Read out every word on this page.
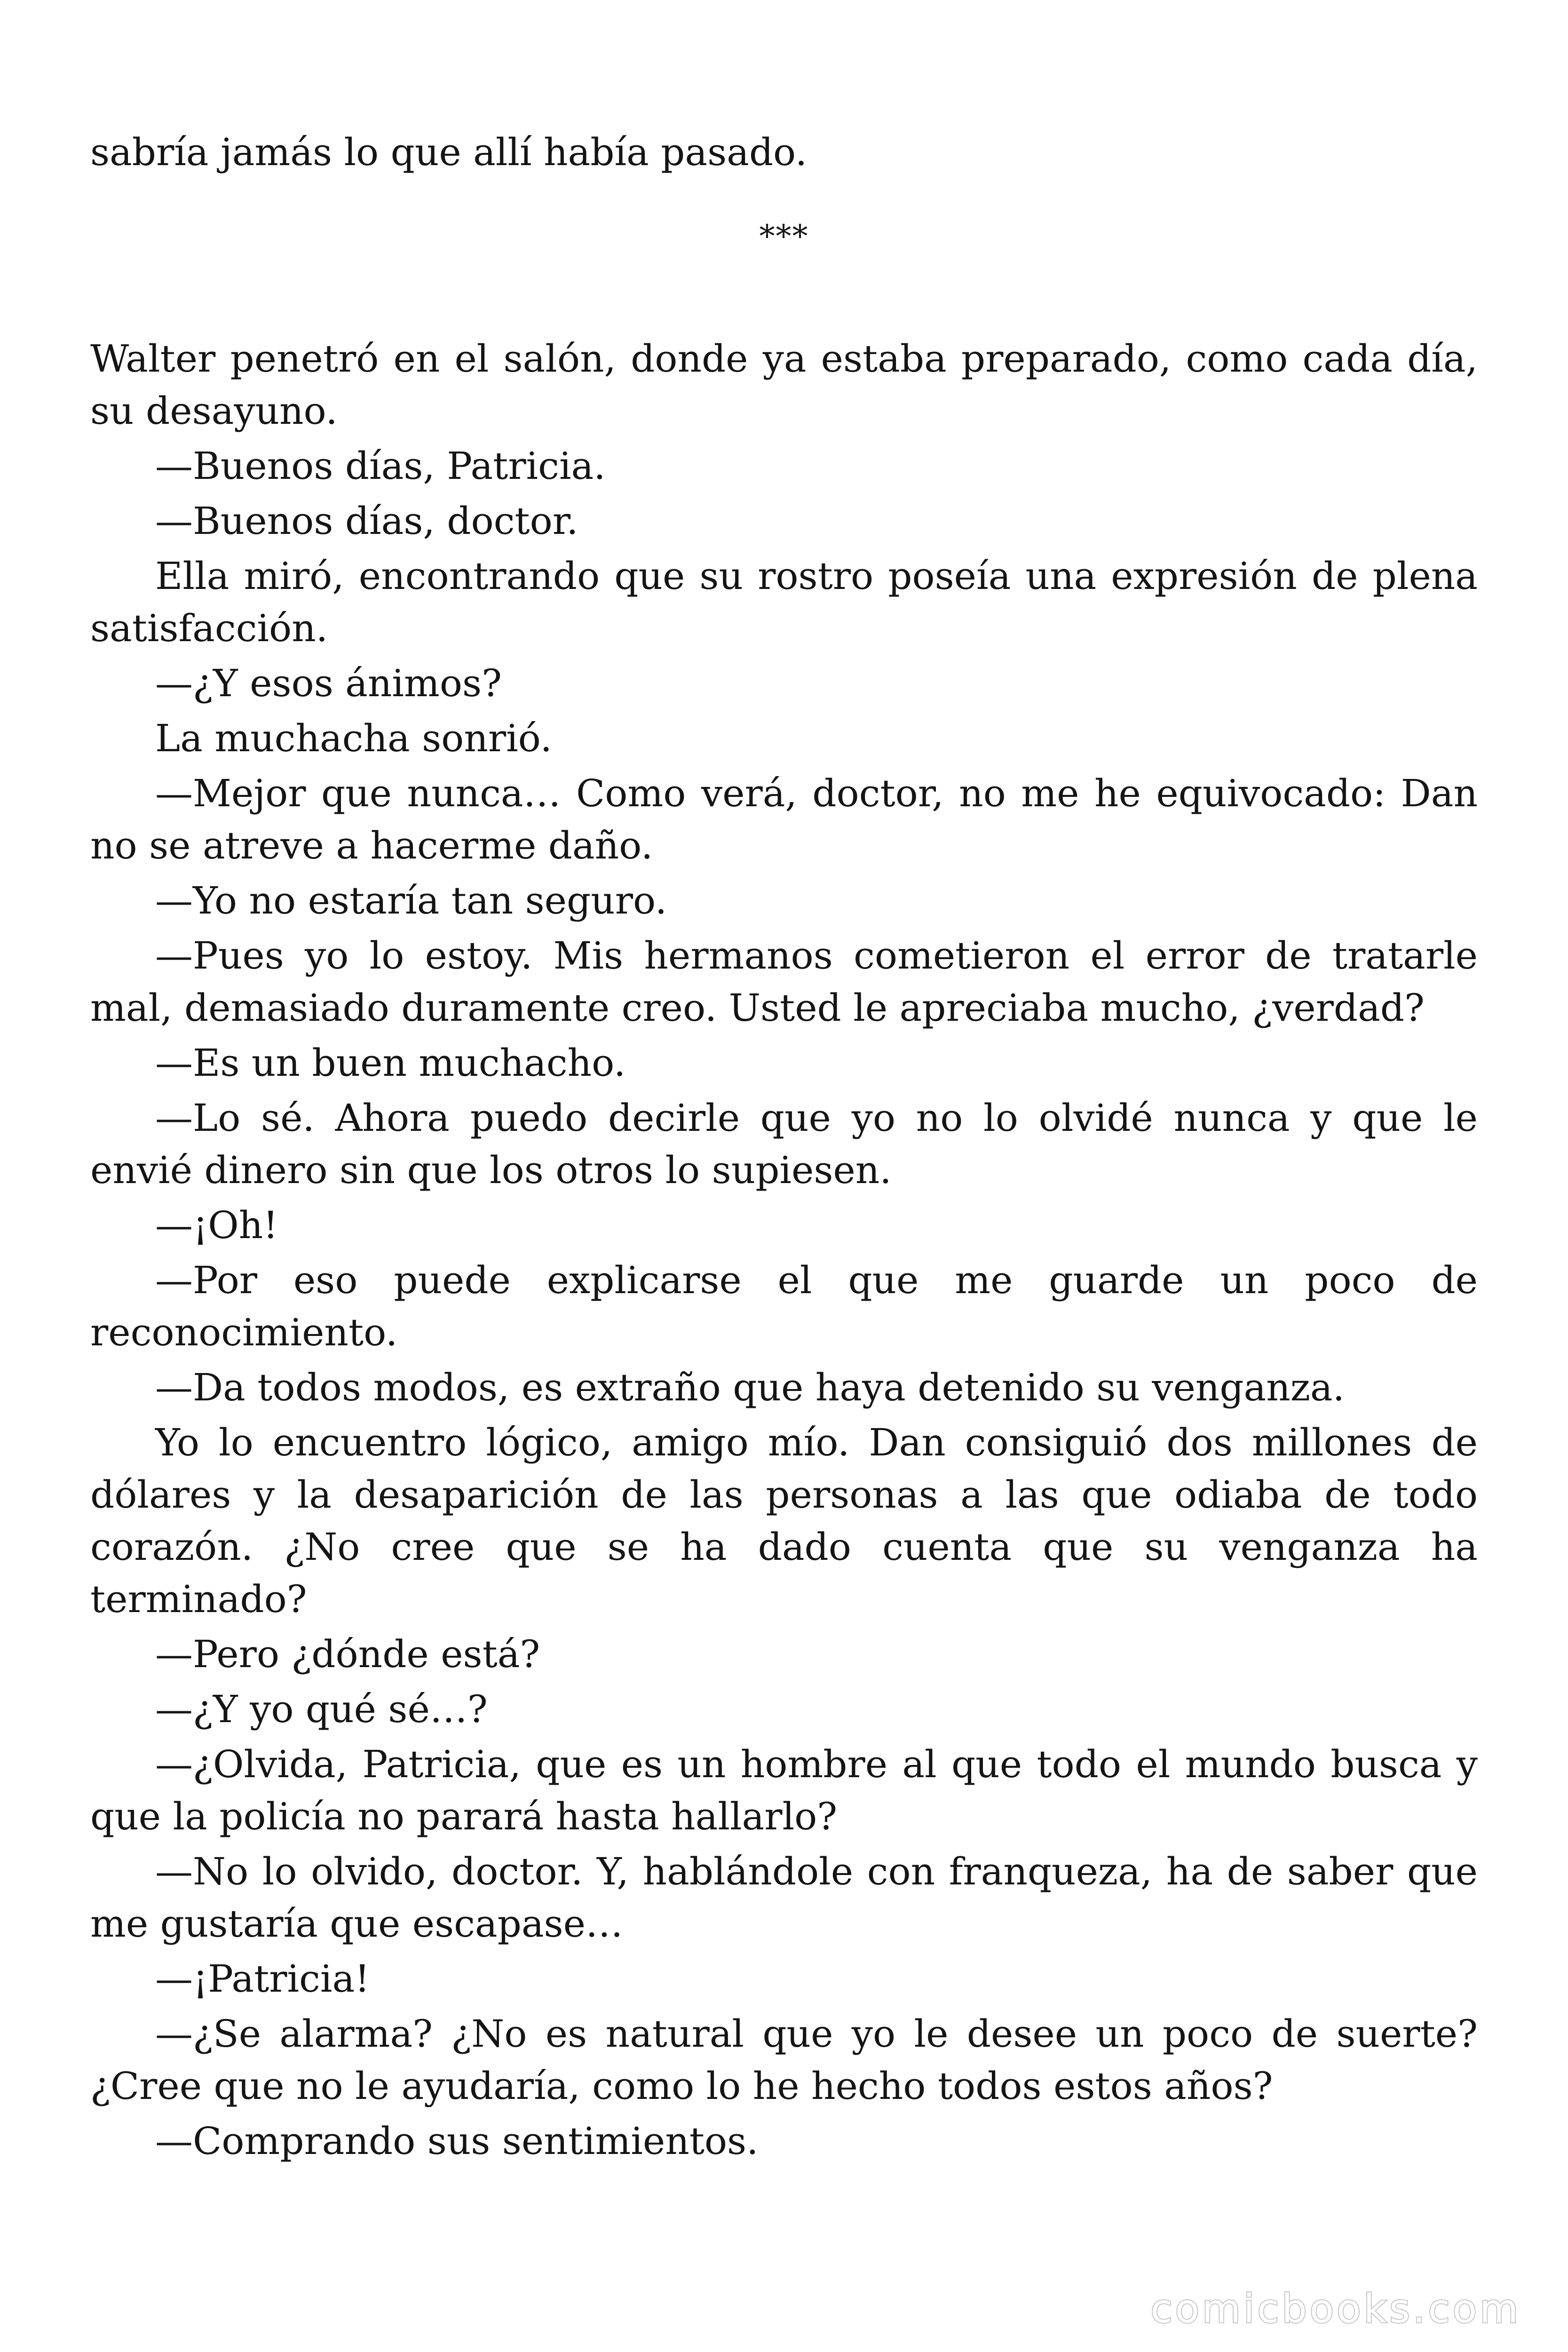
sabría jamás lo que allí había pasado.

***

Walter penetró en el salón, donde ya estaba preparado, como cada día, su desayuno.

—Buenos días, Patricia.

—Buenos días, doctor.

Ella miró, encontrando que su rostro poseía una expresión de plena satisfacción.

—¿Y esos ánimos?

La muchacha sonrió.

—Mejor que nunca… Como verá, doctor, no me he equivocado: Dan no se atreve a hacerme daño.

—Yo no estaría tan seguro.

—Pues yo lo estoy. Mis hermanos cometieron el error de tratarle mal, demasiado duramente creo. Usted le apreciaba mucho, ¿verdad?

—Es un buen muchacho.

—Lo sé. Ahora puedo decirle que yo no lo olvidé nunca y que le envié dinero sin que los otros lo supiesen.

—¡Oh!

—Por eso puede explicarse el que me guarde un poco de reconocimiento.

—Da todos modos, es extraño que haya detenido su venganza.

Yo lo encuentro lógico, amigo mío. Dan consiguió dos millones de dólares y la desaparición de las personas a las que odiaba de todo corazón. ¿No cree que se ha dado cuenta que su venganza ha terminado?

—Pero ¿dónde está?

—¿Y yo qué sé…?

—¿Olvida, Patricia, que es un hombre al que todo el mundo busca y que la policía no parará hasta hallarlo?

—No lo olvido, doctor. Y, hablándole con franqueza, ha de saber que me gustaría que escapase…

—¡Patricia!

—¿Se alarma? ¿No es natural que yo le desee un poco de suerte? ¿Cree que no le ayudaría, como lo he hecho todos estos años?

—Comprando sus sentimientos.

comicbooks.com
